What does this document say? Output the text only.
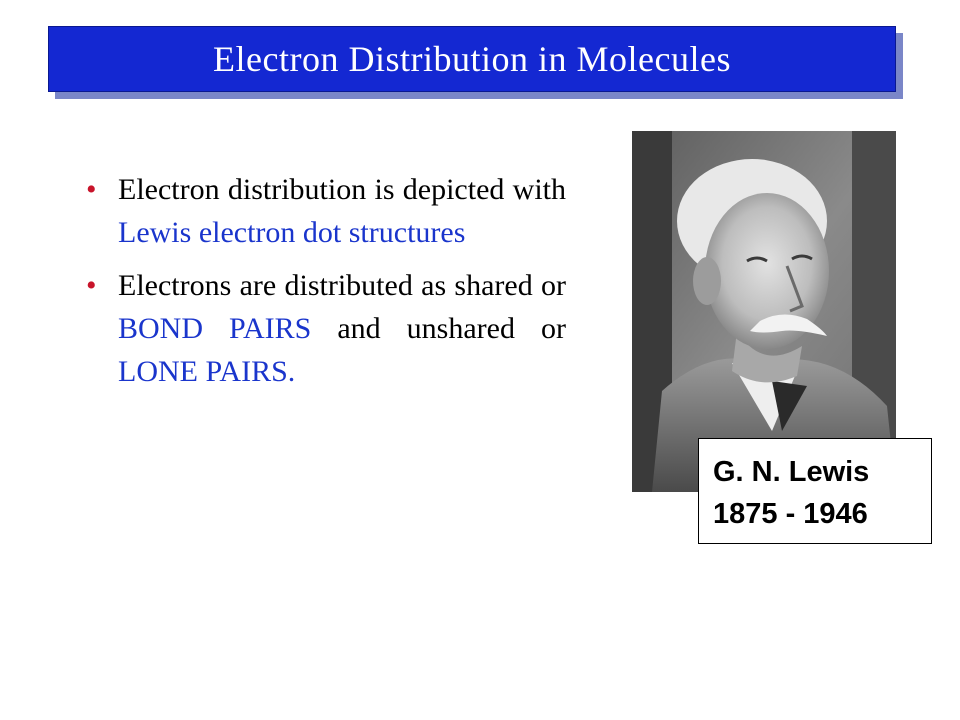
Electron Distribution in Molecules
• Electron distribution is depicted with Lewis electron dot structures
• Electrons are distributed as shared or BOND PAIRS and unshared or LONE PAIRS.
G. N. Lewis
1875 - 1946
